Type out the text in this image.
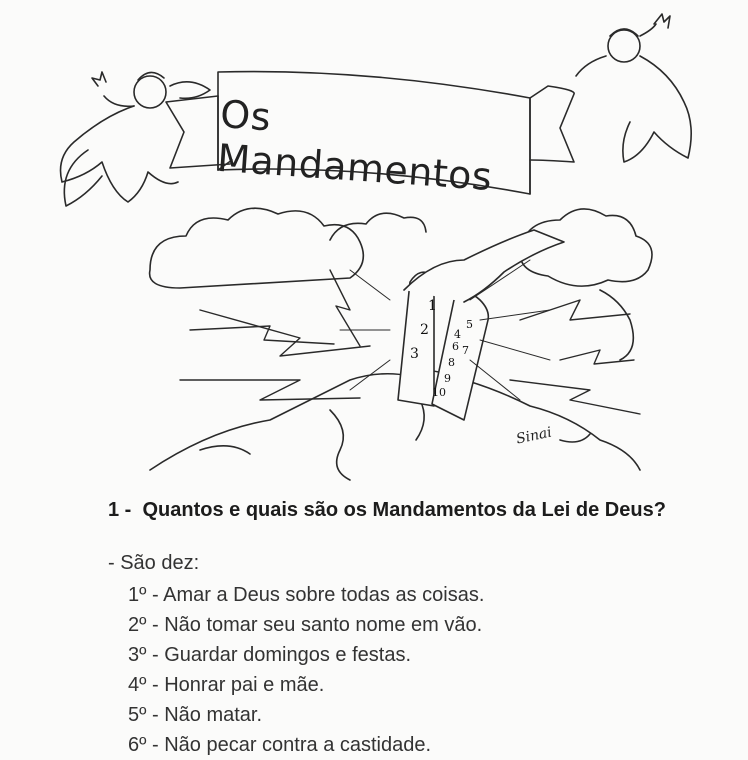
Os Mandamentos
1
2
3
5
4
6 7
8
9
10
Sinai
1 - Quantos e quais são os Mandamentos da Lei de Deus?
- São dez:
1º - Amar a Deus sobre todas as coisas.
2º - Não tomar seu santo nome em vão.
3º - Guardar domingos e festas.
4º - Honrar pai e mãe.
5º - Não matar.
6º - Não pecar contra a castidade.
